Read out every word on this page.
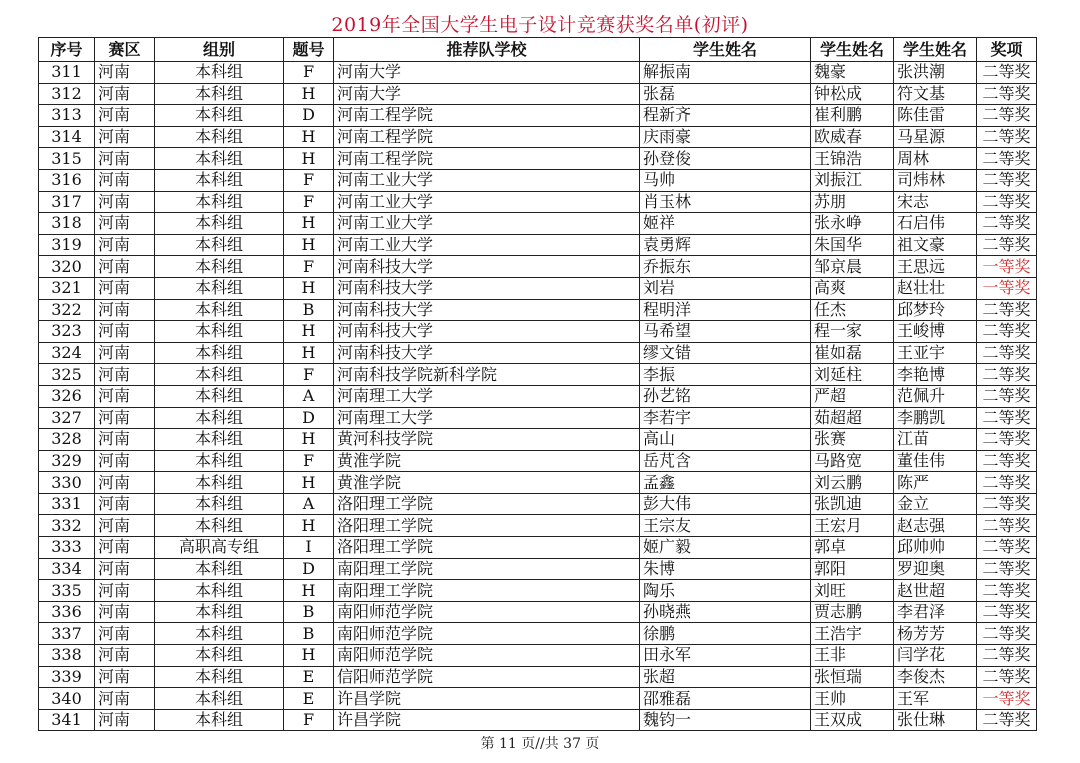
2019年全国大学生电子设计竞赛获奖名单(初评)
序号	赛区	组别	题号	推荐队学校	学生姓名	学生姓名	学生姓名	奖项
311	河南	本科组	F	河南大学	解振南	魏豪	张洪潮	二等奖
312	河南	本科组	H	河南大学	张磊	钟松成	符文基	二等奖
313	河南	本科组	D	河南工程学院	程新齐	崔利鹏	陈佳雷	二等奖
314	河南	本科组	H	河南工程学院	庆雨豪	欧威春	马星源	二等奖
315	河南	本科组	H	河南工程学院	孙登俊	王锦浩	周林	二等奖
316	河南	本科组	F	河南工业大学	马帅	刘振江	司炜林	二等奖
317	河南	本科组	F	河南工业大学	肖玉林	苏朋	宋志	二等奖
318	河南	本科组	H	河南工业大学	姬祥	张永峥	石启伟	二等奖
319	河南	本科组	H	河南工业大学	袁勇辉	朱国华	祖文豪	二等奖
320	河南	本科组	F	河南科技大学	乔振东	邹京晨	王思远	一等奖
321	河南	本科组	H	河南科技大学	刘岩	高爽	赵壮壮	一等奖
322	河南	本科组	B	河南科技大学	程明洋	任杰	邱梦玲	二等奖
323	河南	本科组	H	河南科技大学	马希望	程一家	王峻博	二等奖
324	河南	本科组	H	河南科技大学	缪文错	崔如磊	王亚宇	二等奖
325	河南	本科组	F	河南科技学院新科学院	李振	刘延柱	李艳博	二等奖
326	河南	本科组	A	河南理工大学	孙艺铭	严超	范佩升	二等奖
327	河南	本科组	D	河南理工大学	李若宇	茹超超	李鹏凯	二等奖
328	河南	本科组	H	黄河科技学院	高山	张赛	江苗	二等奖
329	河南	本科组	F	黄淮学院	岳芃含	马路宽	董佳伟	二等奖
330	河南	本科组	H	黄淮学院	孟鑫	刘云鹏	陈严	二等奖
331	河南	本科组	A	洛阳理工学院	彭大伟	张凯迪	金立	二等奖
332	河南	本科组	H	洛阳理工学院	王宗友	王宏月	赵志强	二等奖
333	河南	高职高专组	I	洛阳理工学院	姬广毅	郭卓	邱帅帅	二等奖
334	河南	本科组	D	南阳理工学院	朱博	郭阳	罗迎奥	二等奖
335	河南	本科组	H	南阳理工学院	陶乐	刘旺	赵世超	二等奖
336	河南	本科组	B	南阳师范学院	孙晓燕	贾志鹏	李君泽	二等奖
337	河南	本科组	B	南阳师范学院	徐鹏	王浩宇	杨芳芳	二等奖
338	河南	本科组	H	南阳师范学院	田永军	王非	闫学花	二等奖
339	河南	本科组	E	信阳师范学院	张超	张恒瑞	李俊杰	二等奖
340	河南	本科组	E	许昌学院	邵雅磊	王帅	王军	一等奖
341	河南	本科组	F	许昌学院	魏钧一	王双成	张仕琳	二等奖
第 11 页//共 37 页
